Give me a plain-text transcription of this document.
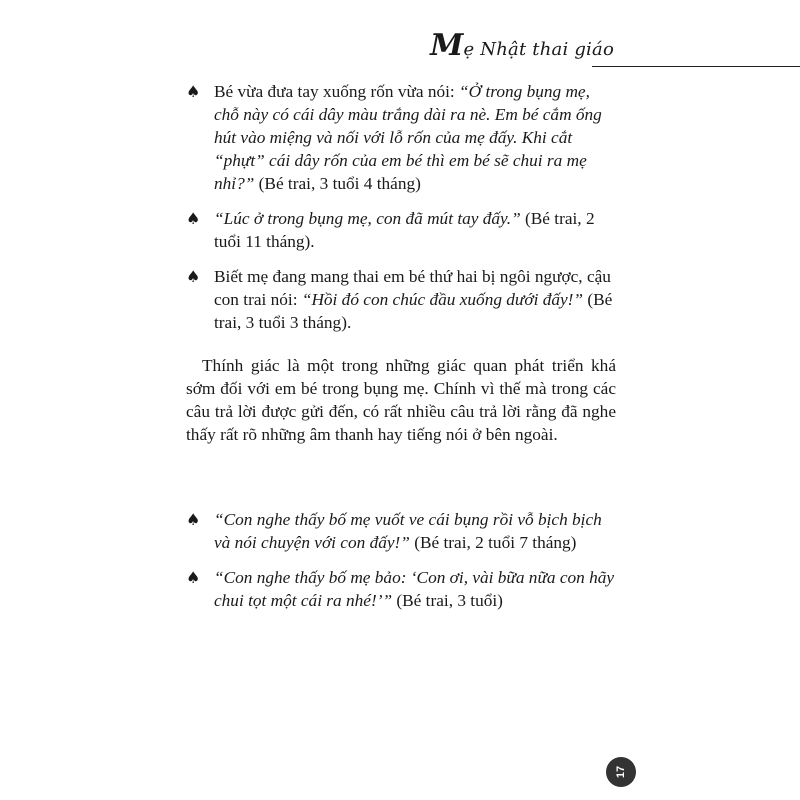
Mẹ Nhật thai giáo
♠ Bé vừa đưa tay xuống rốn vừa nói: “Ở trong bụng mẹ, chỗ này có cái dây màu trắng dài ra nè. Em bé cắm ống hút vào miệng và nối với lỗ rốn của mẹ đấy. Khi cắt “phựt” cái dây rốn của em bé thì em bé sẽ chui ra mẹ nhỉ?” (Bé trai, 3 tuổi 4 tháng)
♠ “Lúc ở trong bụng mẹ, con đã mút tay đấy.” (Bé trai, 2 tuổi 11 tháng).
♠ Biết mẹ đang mang thai em bé thứ hai bị ngôi ngược, cậu con trai nói: “Hồi đó con chúc đầu xuống dưới đấy!” (Bé trai, 3 tuổi 3 tháng).
Thính giác là một trong những giác quan phát triển khá sớm đối với em bé trong bụng mẹ. Chính vì thế mà trong các câu trả lời được gửi đến, có rất nhiều câu trả lời rằng đã nghe thấy rất rõ những âm thanh hay tiếng nói ở bên ngoài.
♠ “Con nghe thấy bố mẹ vuốt ve cái bụng rồi vỗ bịch bịch và nói chuyện với con đấy!” (Bé trai, 2 tuổi 7 tháng)
♠ “Con nghe thấy bố mẹ bảo: ‘Con ơi, vài bữa nữa con hãy chui tọt một cái ra nhé!’” (Bé trai, 3 tuổi)
17
